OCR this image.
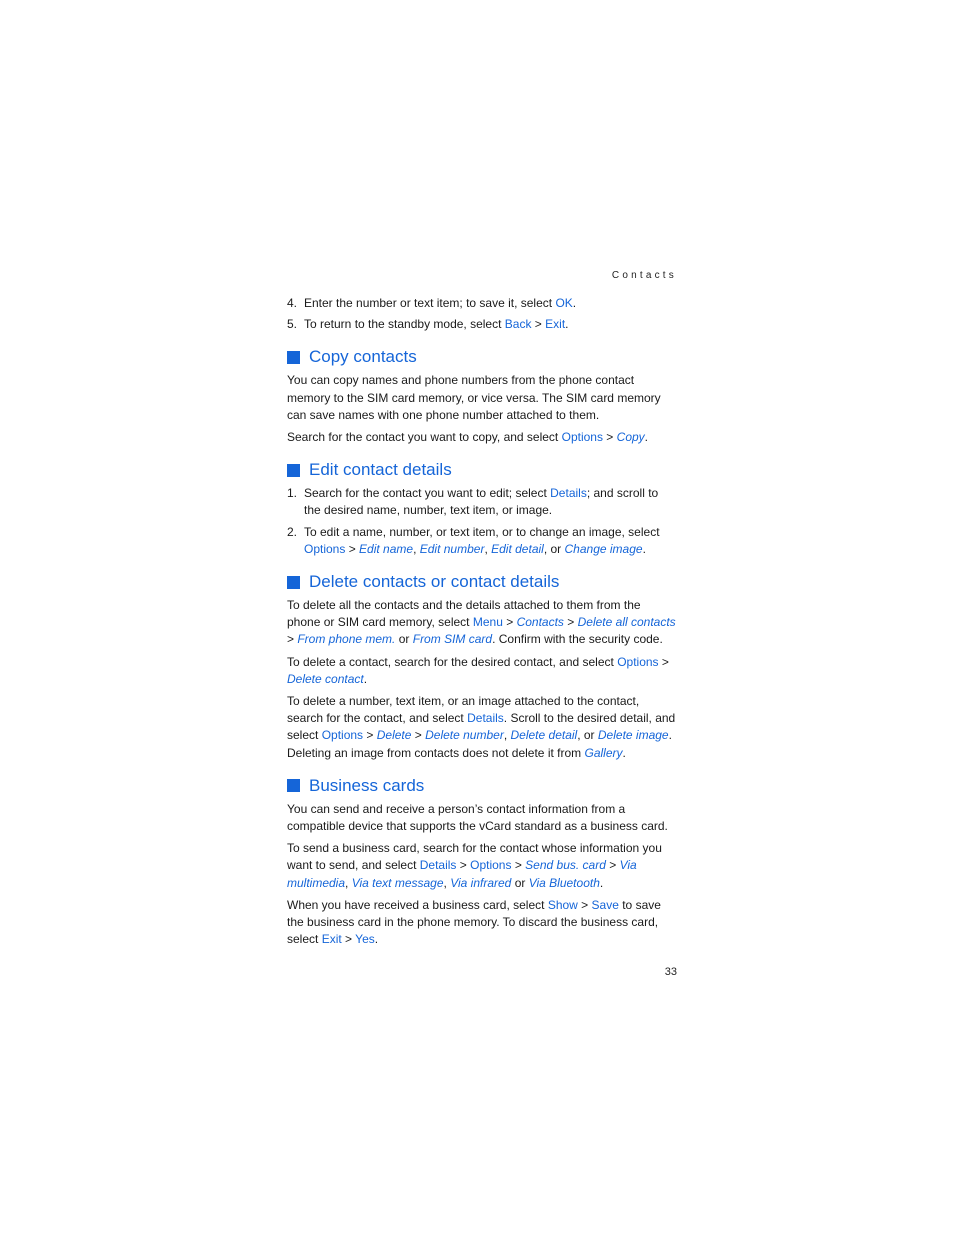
Contacts
4. Enter the number or text item; to save it, select OK.
5. To return to the standby mode, select Back > Exit.
Copy contacts

You can copy names and phone numbers from the phone contact memory to the SIM card memory, or vice versa. The SIM card memory can save names with one phone number attached to them.

Search for the contact you want to copy, and select Options > Copy.

Edit contact details
1. Search for the contact you want to edit; select Details; and scroll to the desired name, number, text item, or image.
2. To edit a name, number, or text item, or to change an image, select Options > Edit name, Edit number, Edit detail, or Change image.
Delete contacts or contact details

To delete all the contacts and the details attached to them from the phone or SIM card memory, select Menu > Contacts > Delete all contacts > From phone mem. or From SIM card. Confirm with the security code.

To delete a contact, search for the desired contact, and select Options > Delete contact.

To delete a number, text item, or an image attached to the contact, search for the contact, and select Details. Scroll to the desired detail, and select Options > Delete > Delete number, Delete detail, or Delete image. Deleting an image from contacts does not delete it from Gallery.

Business cards

You can send and receive a person’s contact information from a compatible device that supports the vCard standard as a business card.

To send a business card, search for the contact whose information you want to send, and select Details > Options > Send bus. card > Via multimedia, Via text message, Via infrared or Via Bluetooth.

When you have received a business card, select Show > Save to save the business card in the phone memory. To discard the business card, select Exit > Yes.

33
